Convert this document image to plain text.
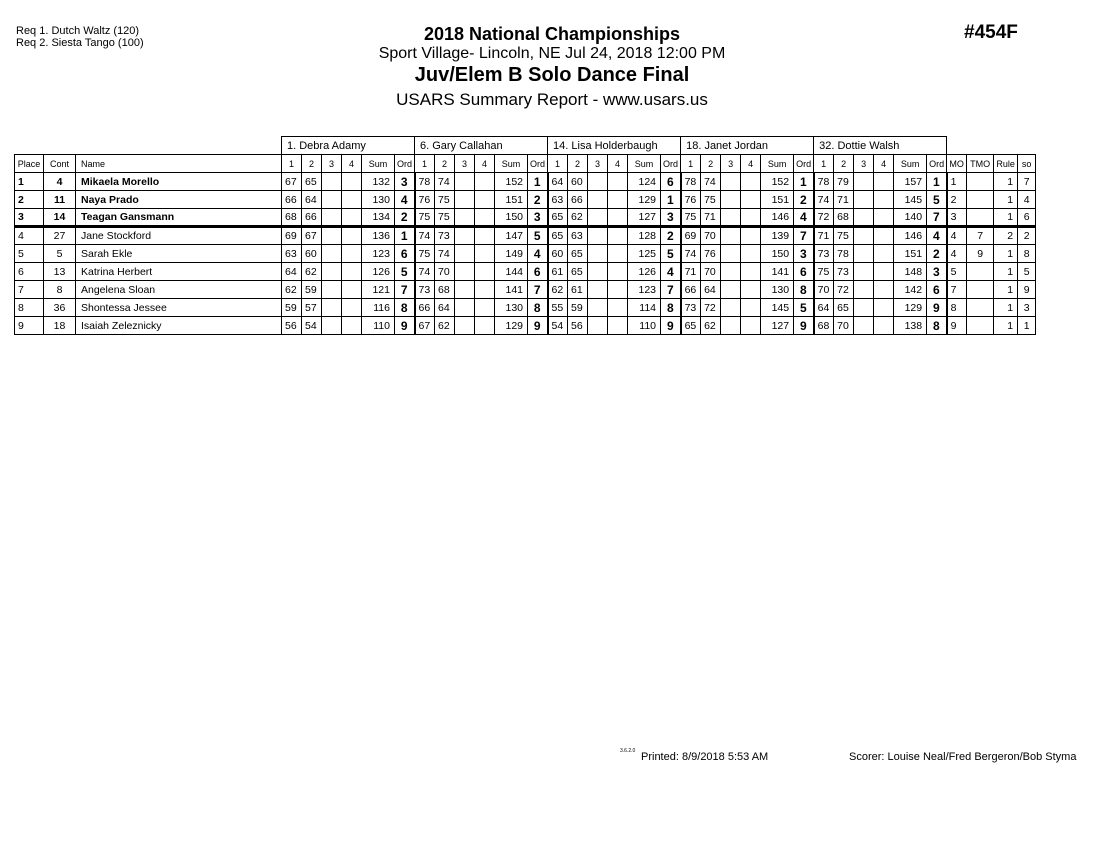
Req 1. Dutch Waltz (120)
Req 2. Siesta Tango (100)	#454F
2018 National Championships
Sport Village- Lincoln, NE Jul 24, 2018 12:00 PM
Juv/Elem B Solo Dance Final
USARS Summary Report - www.usars.us
			1. Debra Adamy						6. Gary Callahan						14. Lisa Holderbaugh						18. Janet Jordan						32. Dottie Walsh									
Place	Cont	Name	1	2	3	4	Sum	Ord	1	2	3	4	Sum	Ord	1	2	3	4	Sum	Ord	1	2	3	4	Sum	Ord	1	2	3	4	Sum	Ord	MO	TMO	Rule	so
1	4	Mikaela Morello	67	65			132	3	78	74			152	1	64	60			124	6	78	74			152	1	78	79			157	1	1		1	7
2	11	Naya Prado	66	64			130	4	76	75			151	2	63	66			129	1	76	75			151	2	74	71			145	5	2		1	4
3	14	Teagan Gansmann	68	66			134	2	75	75			150	3	65	62			127	3	75	71			146	4	72	68			140	7	3		1	6
4	27	Jane Stockford	69	67			136	1	74	73			147	5	65	63			128	2	69	70			139	7	71	75			146	4	4	7	2	2
5	5	Sarah Ekle	63	60			123	6	75	74			149	4	60	65			125	5	74	76			150	3	73	78			151	2	4	9	1	8
6	13	Katrina Herbert	64	62			126	5	74	70			144	6	61	65			126	4	71	70			141	6	75	73			148	3	5		1	5
7	8	Angelena Sloan	62	59			121	7	73	68			141	7	62	61			123	7	66	64			130	8	70	72			142	6	7		1	9
8	36	Shontessa Jessee	59	57			116	8	66	64			130	8	55	59			114	8	73	72			145	5	64	65			129	9	8		1	3
9	18	Isaiah Zeleznicky	56	54			110	9	67	62			129	9	54	56			110	9	65	62			127	9	68	70			138	8	9		1	1
3.6.2.0 Printed: 8/9/2018 5:53 AM	Scorer: Louise Neal/Fred Bergeron/Bob Styma
